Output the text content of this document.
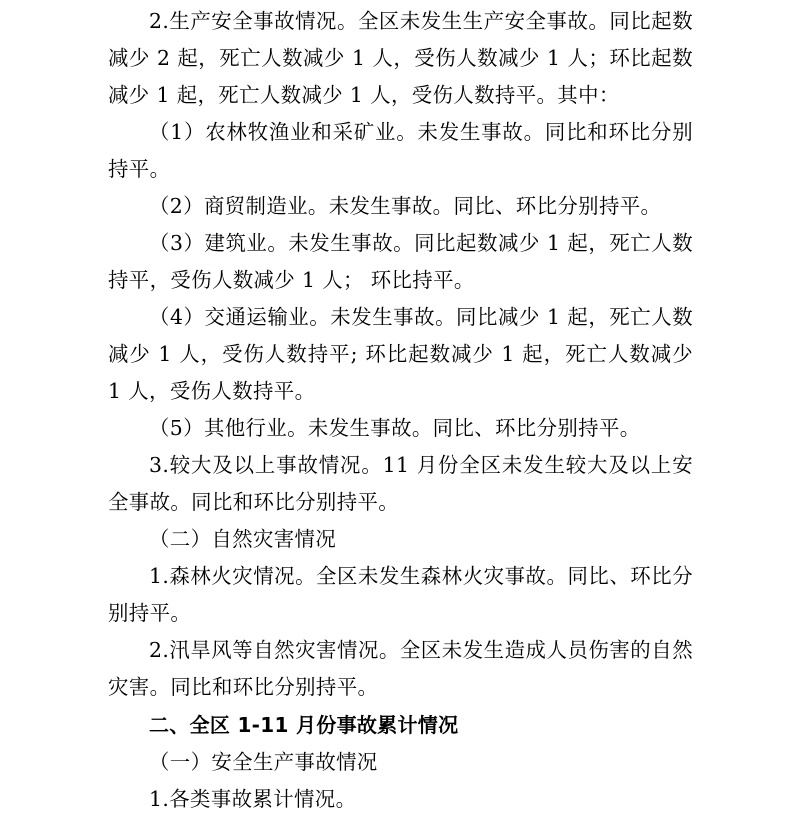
2.生产安全事故情况。全区未发生生产安全事故。同比起数减少 2 起，死亡人数减少 1 人，受伤人数减少 1 人；环比起数减少 1 起，死亡人数减少 1 人，受伤人数持平。其中：

（1）农林牧渔业和采矿业。未发生事故。同比和环比分别持平。

（2）商贸制造业。未发生事故。同比、环比分别持平。

（3）建筑业。未发生事故。同比起数减少 1 起，死亡人数持平，受伤人数减少 1 人； 环比持平。

（4）交通运输业。未发生事故。同比减少 1 起，死亡人数减少 1 人，受伤人数持平; 环比起数减少 1 起，死亡人数减少 1 人，受伤人数持平。

（5）其他行业。未发生事故。同比、环比分别持平。

3.较大及以上事故情况。11 月份全区未发生较大及以上安全事故。同比和环比分别持平。

（二）自然灾害情况

1.森林火灾情况。全区未发生森林火灾事故。同比、环比分别持平。

2.汛旱风等自然灾害情况。全区未发生造成人员伤害的自然灾害。同比和环比分别持平。

二、全区 1-11 月份事故累计情况

（一）安全生产事故情况

1.各类事故累计情况。
